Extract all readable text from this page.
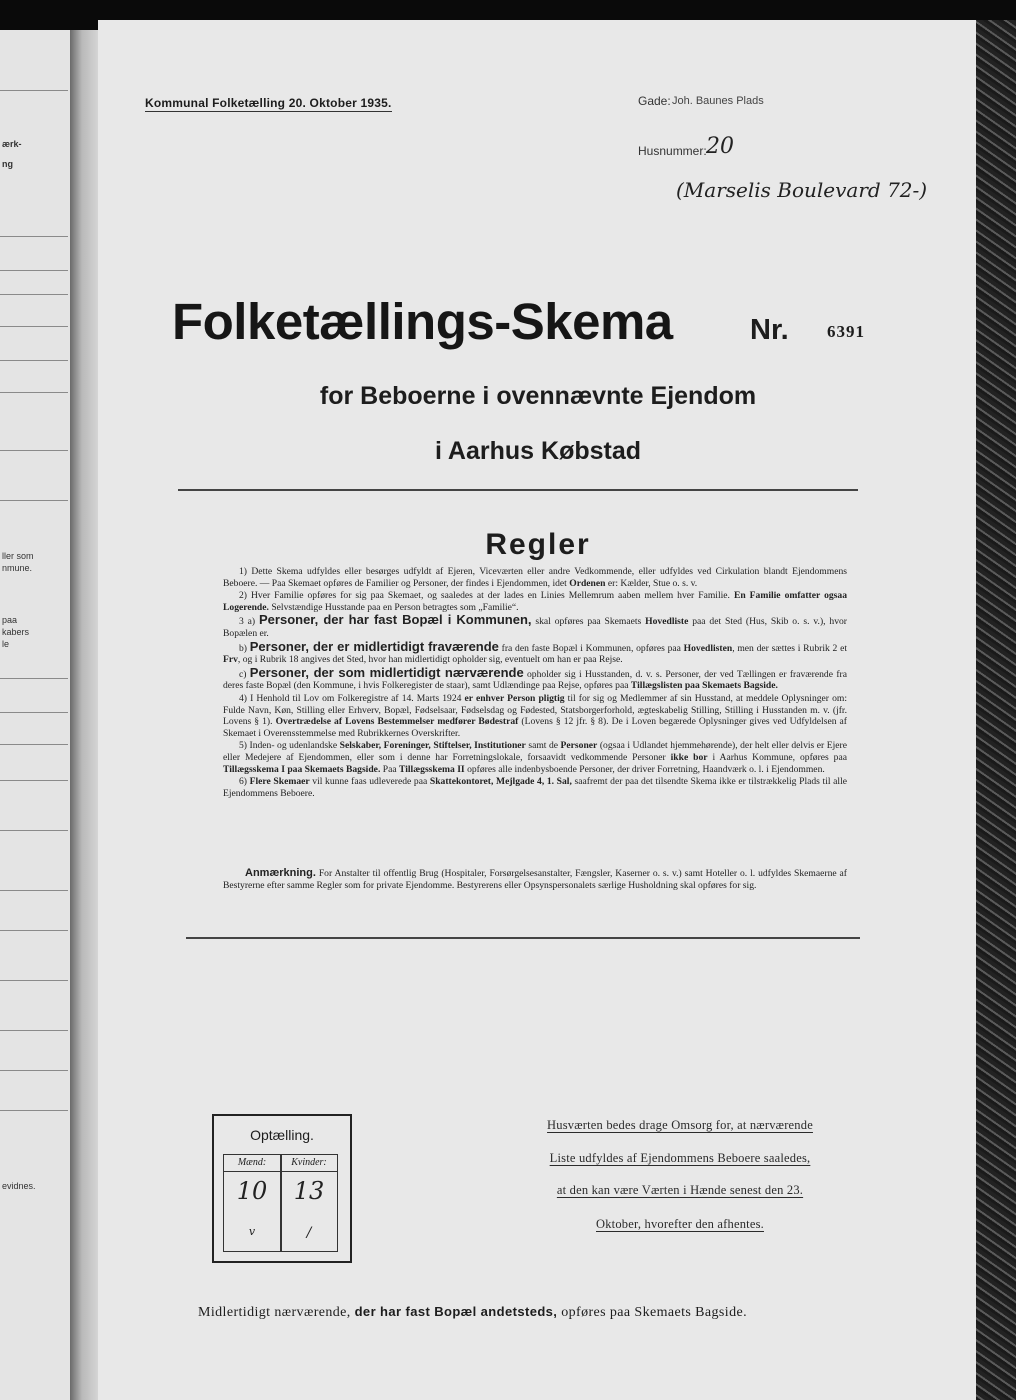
ærk-
ng
ller som
nmune.
paa
kabers
le
evidnes.
Kommunal Folketælling 20. Oktober 1935.	Gade: Joh. Baunes Plads
Husnummer: 20
(Marselis Boulevard 72-)
Folketællings-Skema	Nr. 6391
for Beboerne i ovennævnte Ejendom
i Aarhus Købstad
Regler

1) Dette Skema udfyldes eller besørges udfyldt af Ejeren, Viceværten eller andre Vedkommende, eller udfyldes ved Cirkulation blandt Ejendommens Beboere. — Paa Skemaet opføres de Familier og Personer, der findes i Ejendommen, idet Ordenen er: Kælder, Stue o. s. v.

2) Hver Familie opføres for sig paa Skemaet, og saaledes at der lades en Linies Mellemrum aaben mellem hver Familie. En Familie omfatter ogsaa Logerende. Selvstændige Husstande paa en Person betragtes som „Familie“.

3 a) Personer, der har fast Bopæl i Kommunen, skal opføres paa Skemaets Hovedliste paa det Sted (Hus, Skib o. s. v.), hvor Bopælen er.

b) Personer, der er midlertidigt fraværende fra den faste Bopæl i Kommunen, opføres paa Hovedlisten, men der sættes i Rubrik 2 et Frv, og i Rubrik 18 angives det Sted, hvor han midlertidigt opholder sig, eventuelt om han er paa Rejse.

c) Personer, der som midlertidigt nærværende opholder sig i Husstanden, d. v. s. Personer, der ved Tællingen er fraværende fra deres faste Bopæl (den Kommune, i hvis Folkeregister de staar), samt Udlændinge paa Rejse, opføres paa Tillægslisten paa Skemaets Bagside.

4) I Henhold til Lov om Folkeregistre af 14. Marts 1924 er enhver Person pligtig til for sig og Medlemmer af sin Husstand, at meddele Oplysninger om: Fulde Navn, Køn, Stilling eller Erhverv, Bopæl, Fødselsaar, Fødselsdag og Fødested, Statsborgerforhold, ægteskabelig Stilling, Stilling i Husstanden m. v. (jfr. Lovens § 1). Overtrædelse af Lovens Bestemmelser medfører Bødestraf (Lovens § 12 jfr. § 8). De i Loven begærede Oplysninger gives ved Udfyldelsen af Skemaet i Overensstemmelse med Rubrikkernes Overskrifter.

5) Inden- og udenlandske Selskaber, Foreninger, Stiftelser, Institutioner samt de Personer (ogsaa i Udlandet hjemmehørende), der helt eller delvis er Ejere eller Medejere af Ejendommen, eller som i denne har Forretningslokale, forsaavidt vedkommende Personer ikke bor i Aarhus Kommune, opføres paa Tillægsskema I paa Skemaets Bagside. Paa Tillægsskema II opføres alle indenbysboende Personer, der driver Forretning, Haandværk o. l. i Ejendommen.

6) Flere Skemaer vil kunne faas udleverede paa Skattekontoret, Mejlgade 4, 1. Sal, saafremt der paa det tilsendte Skema ikke er tilstrækkelig Plads til alle Ejendommens Beboere.

Anmærkning. For Anstalter til offentlig Brug (Hospitaler, Forsørgelsesanstalter, Fængsler, Kaserner o. s. v.) samt Hoteller o. l. udfyldes Skemaerne af Bestyrerne efter samme Regler som for private Ejendomme. Bestyrerens eller Opsynspersonalets særlige Husholdning skal opføres for sig.
Optælling.
Mænd:	Kvinder:
10	13
v	/
Husværten bedes drage Omsorg for, at nærværende
Liste udfyldes af Ejendommens Beboere saaledes,
at den kan være Værten i Hænde senest den 23.
Oktober, hvorefter den afhentes.
Midlertidigt nærværende, der har fast Bopæl andetsteds, opføres paa Skemaets Bagside.
